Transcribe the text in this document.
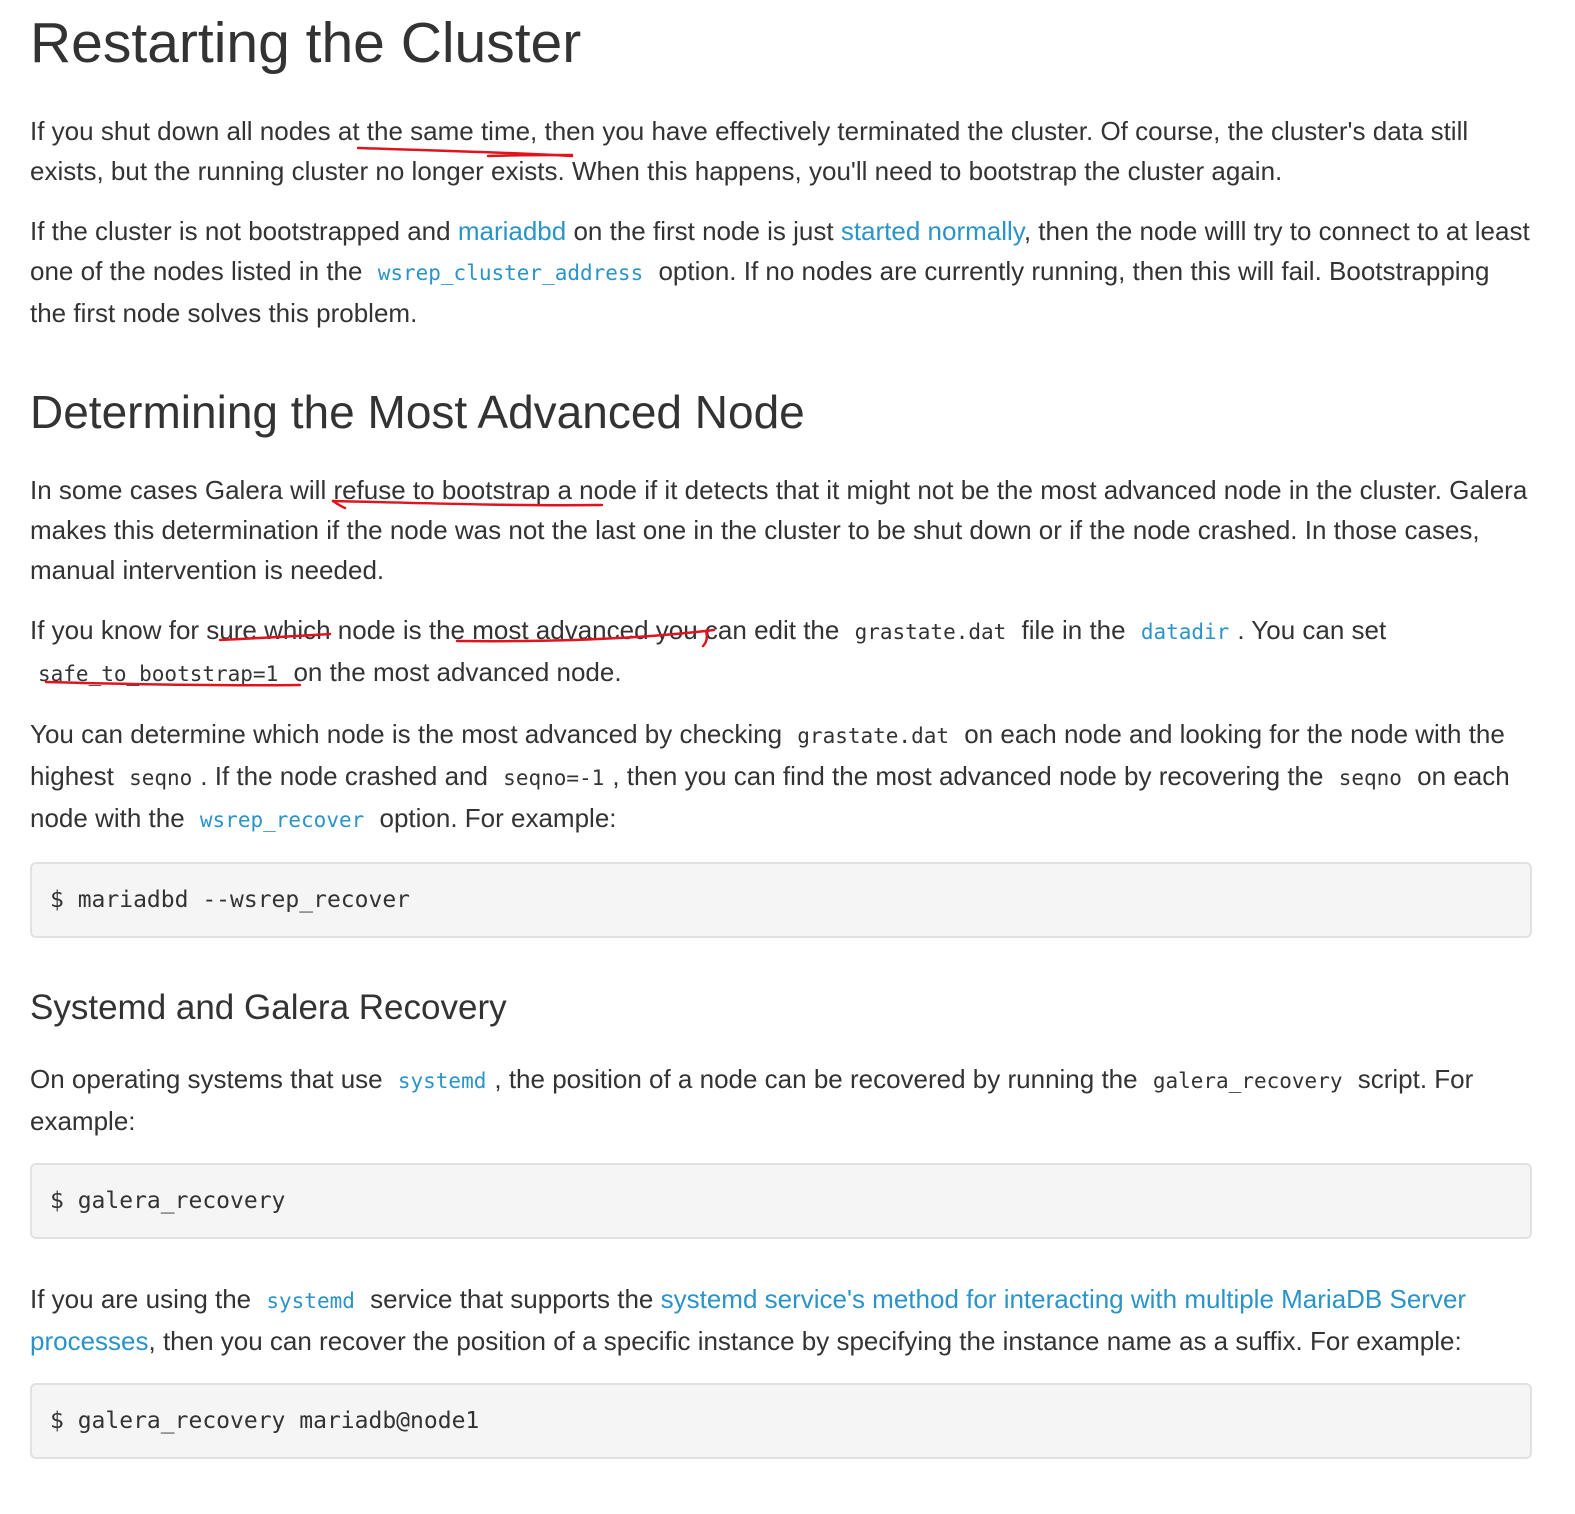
Restarting the Cluster

If you shut down all nodes at the same time, then you have effectively terminated the cluster. Of course, the cluster's data still exists, but the running cluster no longer exists. When this happens, you'll need to bootstrap the cluster again.

If the cluster is not bootstrapped and mariadbd on the first node is just started normally, then the node willl try to connect to at least one of the nodes listed in the wsrep_cluster_address option. If no nodes are currently running, then this will fail. Bootstrapping the first node solves this problem.

Determining the Most Advanced Node

In some cases Galera will refuse to bootstrap a node if it detects that it might not be the most advanced node in the cluster. Galera makes this determination if the node was not the last one in the cluster to be shut down or if the node crashed. In those cases, manual intervention is needed.

If you know for sure which node is the most advanced you can edit the grastate.dat file in the datadir . You can set safe_to_bootstrap=1 on the most advanced node.

You can determine which node is the most advanced by checking grastate.dat on each node and looking for the node with the highest seqno . If the node crashed and seqno=-1 , then you can find the most advanced node by recovering the seqno on each node with the wsrep_recover option. For example:

$ mariadbd --wsrep_recover
Systemd and Galera Recovery

On operating systems that use systemd , the position of a node can be recovered by running the galera_recovery script. For example:

$ galera_recovery

If you are using the systemd service that supports the systemd service's method for interacting with multiple MariaDB Server processes, then you can recover the position of a specific instance by specifying the instance name as a suffix. For example:

$ galera_recovery mariadb@node1
